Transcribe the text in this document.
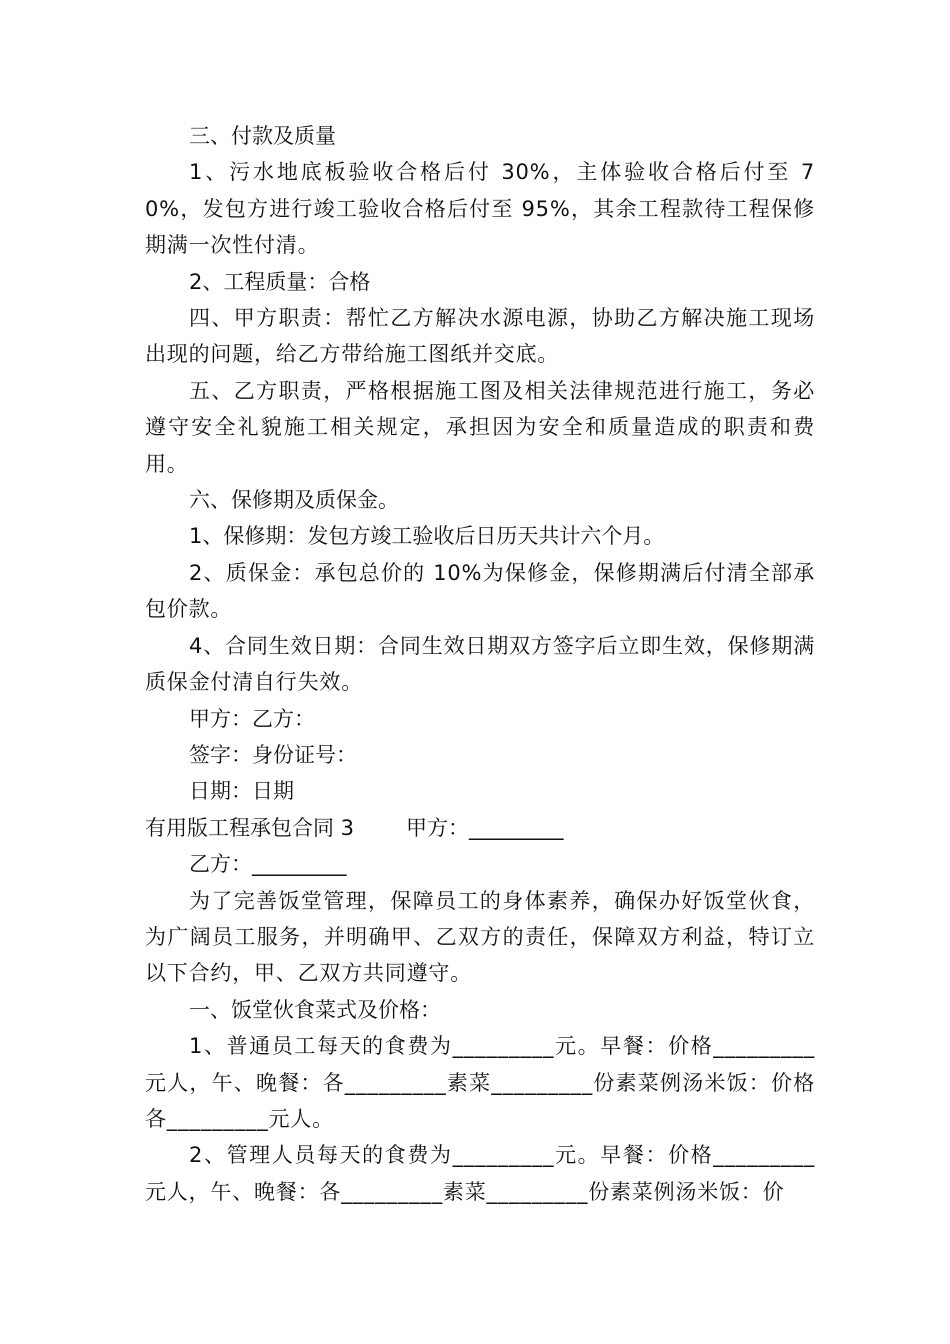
三、付款及质量

1、污水地底板验收合格后付 30%，主体验收合格后付至 70%，发包方进行竣工验收合格后付至 95%，其余工程款待工程保修期满一次性付清。

2、工程质量：合格

四、甲方职责：帮忙乙方解决水源电源，协助乙方解决施工现场出现的问题，给乙方带给施工图纸并交底。

五、乙方职责，严格根据施工图及相关法律规范进行施工，务必遵守安全礼貌施工相关规定，承担因为安全和质量造成的职责和费用。

六、保修期及质保金。

1、保修期：发包方竣工验收后日历天共计六个月。

2、质保金：承包总价的 10%为保修金，保修期满后付清全部承包价款。

4、合同生效日期：合同生效日期双方签字后立即生效，保修期满质保金付清自行失效。

甲方：乙方：

签字：身份证号：

日期：日期

有用版工程承包合同 3 甲方：_________

乙方：_________

为了完善饭堂管理，保障员工的身体素养，确保办好饭堂伙食，为广阔员工服务，并明确甲、乙双方的责任，保障双方利益，特订立以下合约，甲、乙双方共同遵守。

一、饭堂伙食菜式及价格：

1、普通员工每天的食费为_________元。早餐：价格_________元人，午、晚餐：各_________素菜_________份素菜例汤米饭：价格各_________元人。

2、管理人员每天的食费为_________元。早餐：价格_________元人，午、晚餐：各_________素菜_________份素菜例汤米饭：价
